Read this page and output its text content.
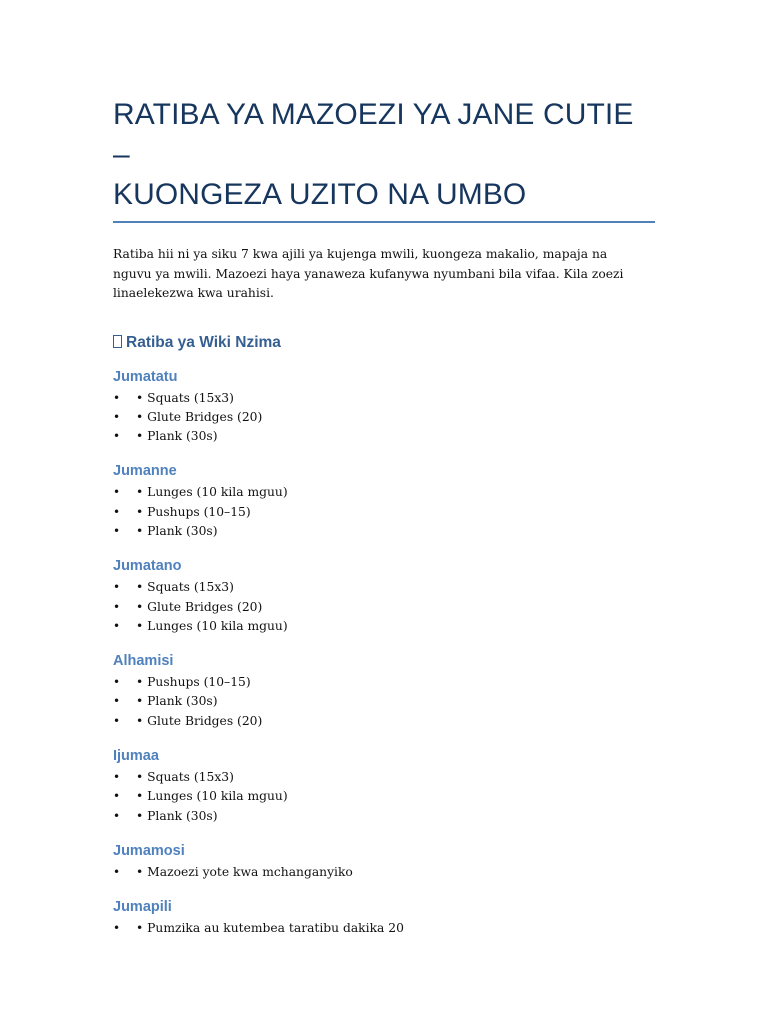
RATIBA YA MAZOEZI YA JANE CUTIE –
KUONGEZA UZITO NA UMBO

Ratiba hii ni ya siku 7 kwa ajili ya kujenga mwili, kuongeza makalio, mapaja na nguvu ya mwili. Mazoezi haya yanaweza kufanywa nyumbani bila vifaa. Kila zoezi linaelekezwa kwa urahisi.

Ratiba ya Wiki Nzima
Jumatatu
• • Squats (15x3)
• • Glute Bridges (20)
• • Plank (30s)
Jumanne
• • Lunges (10 kila mguu)
• • Pushups (10–15)
• • Plank (30s)
Jumatano
• • Squats (15x3)
• • Glute Bridges (20)
• • Lunges (10 kila mguu)
Alhamisi
• • Pushups (10–15)
• • Plank (30s)
• • Glute Bridges (20)
Ijumaa
• • Squats (15x3)
• • Lunges (10 kila mguu)
• • Plank (30s)
Jumamosi
• • Mazoezi yote kwa mchanganyiko
Jumapili
• • Pumzika au kutembea taratibu dakika 20
